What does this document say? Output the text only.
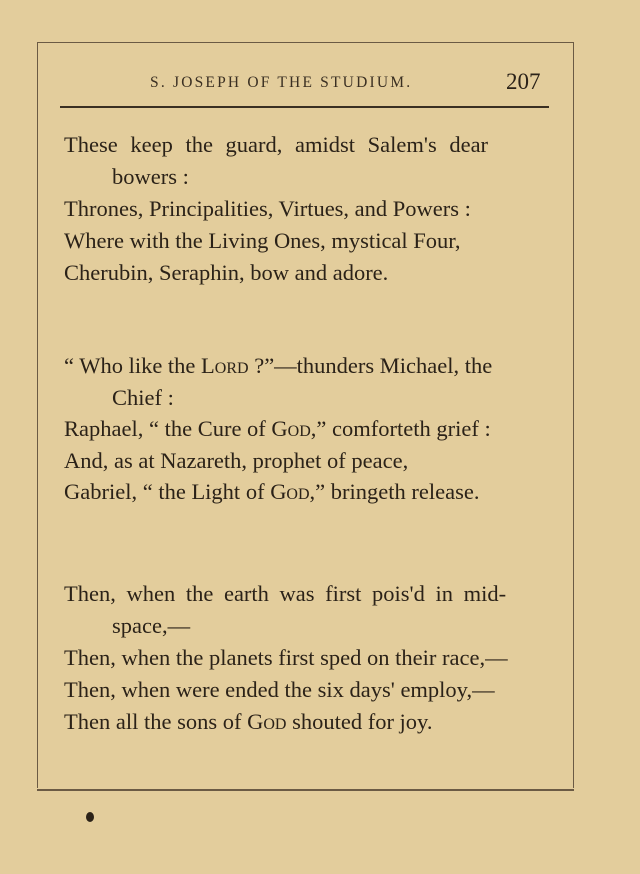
S. JOSEPH OF THE STUDIUM.	207
These keep the guard, amidst Salem's dear
bowers :
Thrones, Principalities, Virtues, and Powers :
Where with the Living Ones, mystical Four,
Cherubin, Seraphin, bow and adore.
“ Who like the Lord ?”—thunders Michael, the
Chief :
Raphael, “ the Cure of God,” comforteth grief :
And, as at Nazareth, prophet of peace,
Gabriel, “ the Light of God,” bringeth release.
Then, when the earth was first pois'd in mid-
space,—
Then, when the planets first sped on their race,—
Then, when were ended the six days' employ,—
Then all the sons of God shouted for joy.
